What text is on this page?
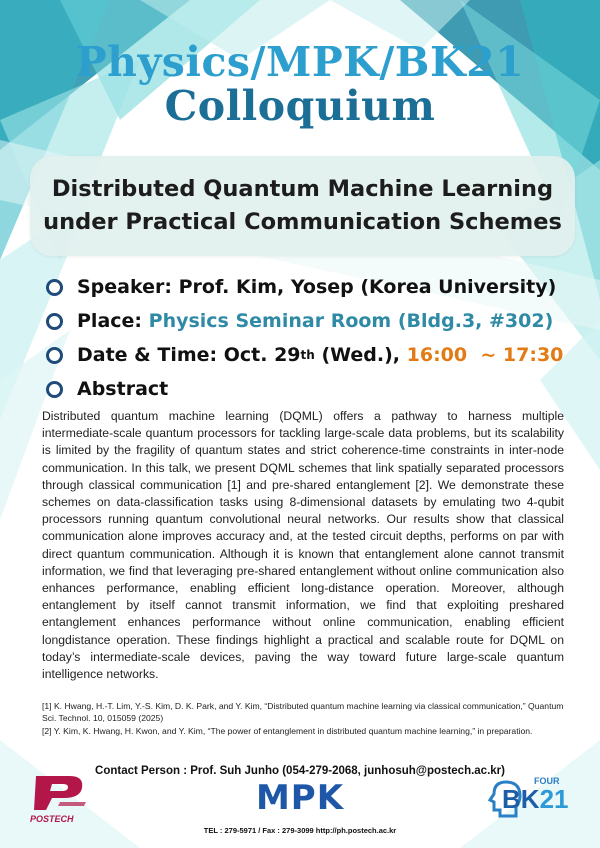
Physics/MPK/BK21
Colloquium
Distributed Quantum Machine Learning
under Practical Communication Schemes
Speaker:
Prof. Kim, Yosep (Korea University)
Place:
Physics Seminar Room (Bldg.3, #302)
Date & Time:
Oct. 29 th
(Wed.),
16:00
~
17:30
Abstract
Distributed quantum machine learning (DQML) offers a pathway to harness multiple intermediate-scale quantum processors for tackling large-scale data problems, but its scalability is limited by the fragility of quantum states and strict coherence-time constraints in inter-node communication. In this talk, we present DQML schemes that link spatially separated processors through classical communication [1] and pre-shared entanglement [2]. We demonstrate these schemes on data-classification tasks using 8-dimensional datasets by emulating two 4-qubit processors running quantum convolutional neural networks. Our results show that classical communication alone improves accuracy and, at the tested circuit depths, performs on par with direct quantum communication. Although it is known that entanglement alone cannot transmit information, we find that leveraging pre-shared entanglement without online communication also enhances performance, enabling efficient long-distance operation. Moreover, although entanglement by itself cannot transmit information, we find that exploiting preshared entanglement enhances performance without online communication, enabling efficient longdistance operation. These findings highlight a practical and scalable route for DQML on today’s intermediate-scale devices, paving the way toward future large-scale quantum intelligence networks.

[1] K. Hwang, H.-T. Lim, Y.-S. Kim, D. K. Park, and Y. Kim, “Distributed quantum machine learning via classical communication,” Quantum Sci. Technol. 10, 015059 (2025)

[2] Y. Kim, K. Hwang, H. Kwon, and Y. Kim, “The power of entanglement in distributed quantum machine learning,” in preparation.

Contact Person : Prof. Suh Junho (054-279-2068, junhosuh@postech.ac.kr)
POSTECH
MPK	FOUR
BK21
TEL : 279-5971 / Fax : 279-3099 http://ph.postech.ac.kr
